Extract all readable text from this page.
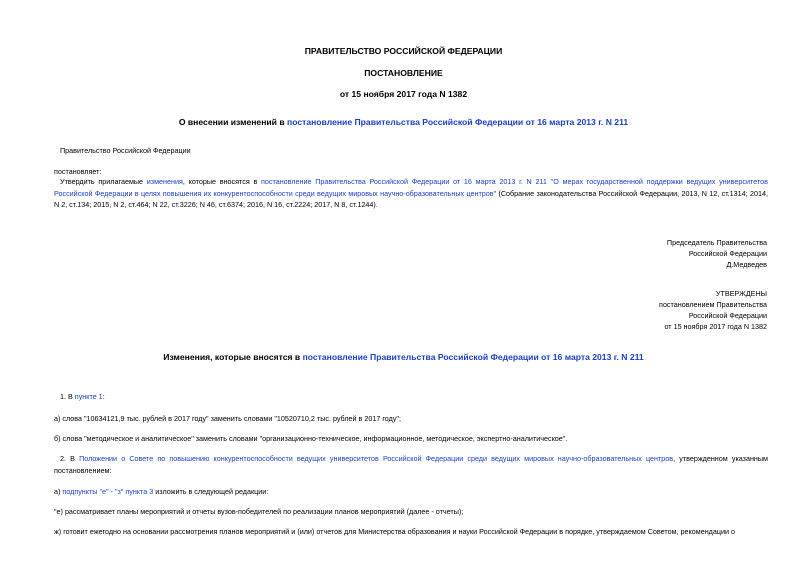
ПРАВИТЕЛЬСТВО РОССИЙСКОЙ ФЕДЕРАЦИИ
ПОСТАНОВЛЕНИЕ
от 15 ноября 2017 года N 1382
О внесении изменений в постановление Правительства Российской Федерации от 16 марта 2013 г. N 211
Правительство Российской Федерации
постановляет:
Утвердить прилагаемые изменения, которые вносятся в постановление Правительства Российской Федерации от 16 марта 2013 г. N 211 "О мерах государственной поддержки ведущих университетов Российской Федерации в целях повышения их конкурентоспособности среди ведущих мировых научно-образовательных центров" (Собрание законодательства Российской Федерации, 2013, N 12, ст.1314; 2014, N 2, ст.134; 2015, N 2, ст.464; N 22, ст.3226; N 46, ст.6374; 2016, N 16, ст.2224; 2017, N 8, ст.1244).
Председатель Правительства
Российской Федерации
Д.Медведев
УТВЕРЖДЕНЫ
постановлением Правительства
Российской Федерации
от 15 ноября 2017 года N 1382
Изменения, которые вносятся в постановление Правительства Российской Федерации от 16 марта 2013 г. N 211
1. В пункте 1:
а) слова "10634121,9 тыс. рублей в 2017 году" заменить словами "10520710,2 тыс. рублей в 2017 году";
б) слова "методическое и аналитическое" заменить словами "организационно-техническое, информационное, методическое, экспертно-аналитическое".
2. В Положении о Совете по повышению конкурентоспособности ведущих университетов Российской Федерации среди ведущих мировых научно-образовательных центров, утвержденном указанным постановлением:
а) подпункты "е" - "з" пункта 3 изложить в следующей редакции:
"е) рассматривает планы мероприятий и отчеты вузов-победителей по реализации планов мероприятий (далее - отчеты);
ж) готовит ежегодно на основании рассмотрения планов мероприятий и (или) отчетов для Министерства образования и науки Российской Федерации в порядке, утверждаемом Советом, рекомендации о
